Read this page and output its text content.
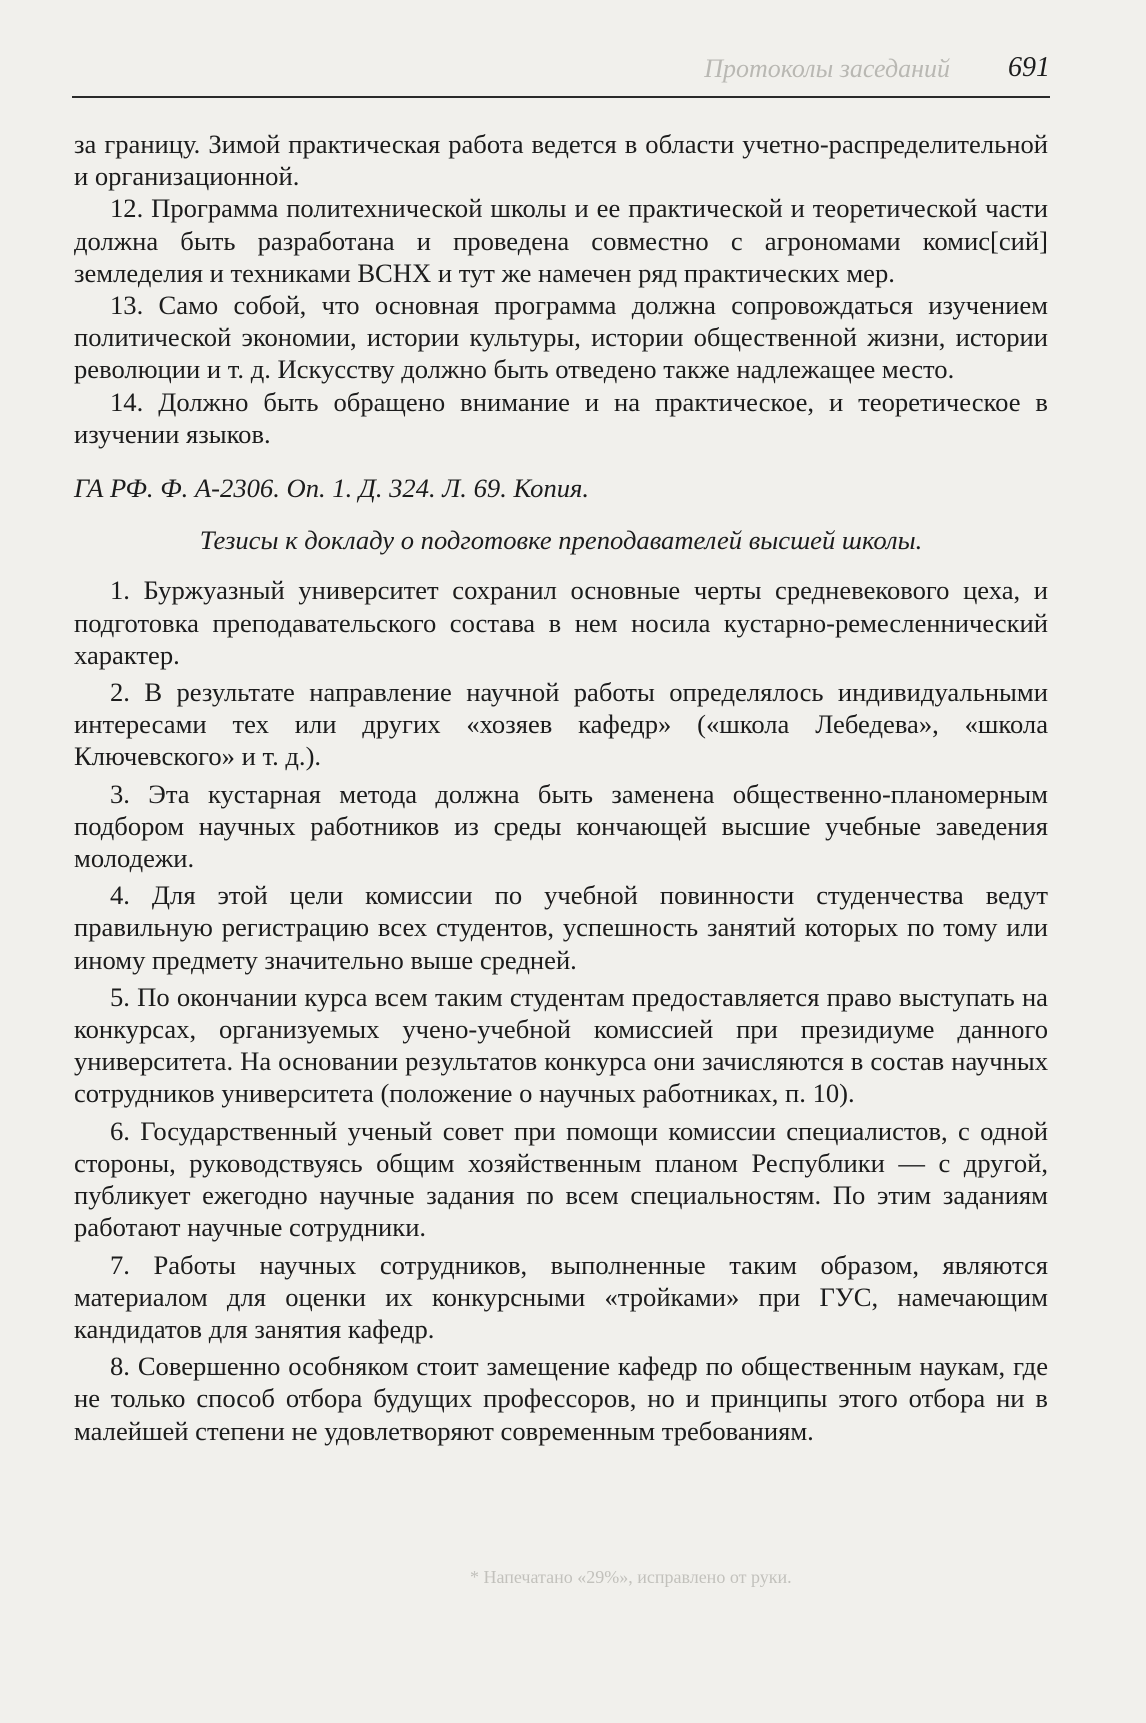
Протоколы заседаний 691

за границу. Зимой практическая работа ведется в области учетно-распределительной и организационной.

12. Программа политехнической школы и ее практической и теоретической части должна быть разработана и проведена совместно с агрономами комис[сий] земледелия и техниками ВСНХ и тут же намечен ряд практических мер.

13. Само собой, что основная программа должна сопровождаться изучением политической экономии, истории культуры, истории общественной жизни, истории революции и т. д. Искусству должно быть отведено также надлежащее место.

14. Должно быть обращено внимание и на практическое, и теоретическое в изучении языков.

ГА РФ. Ф. А-2306. Оп. 1. Д. 324. Л. 69. Копия.

Тезисы к докладу о подготовке преподавателей высшей школы.

1. Буржуазный университет сохранил основные черты средневекового цеха, и подготовка преподавательского состава в нем носила кустарно-ремесленнический характер.

2. В результате направление научной работы определялось индивидуальными интересами тех или других «хозяев кафедр» («школа Лебедева», «школа Ключевского» и т. д.).

3. Эта кустарная метода должна быть заменена общественно-планомерным подбором научных работников из среды кончающей высшие учебные заведения молодежи.

4. Для этой цели комиссии по учебной повинности студенчества ведут правильную регистрацию всех студентов, успешность занятий которых по тому или иному предмету значительно выше средней.

5. По окончании курса всем таким студентам предоставляется право выступать на конкурсах, организуемых учено-учебной комиссией при президиуме данного университета. На основании результатов конкурса они зачисляются в состав научных сотрудников университета (положение о научных работниках, п. 10).

6. Государственный ученый совет при помощи комиссии специалистов, с одной стороны, руководствуясь общим хозяйственным планом Республики — с другой, публикует ежегодно научные задания по всем специальностям. По этим заданиям работают научные сотрудники.

7. Работы научных сотрудников, выполненные таким образом, являются материалом для оценки их конкурсными «тройками» при ГУС, намечающим кандидатов для занятия кафедр.

8. Совершенно особняком стоит замещение кафедр по общественным наукам, где не только способ отбора будущих профессоров, но и принципы этого отбора ни в малейшей степени не удовлетворяют современным требованиям.

* Напечатано «29%», исправлено от руки.
